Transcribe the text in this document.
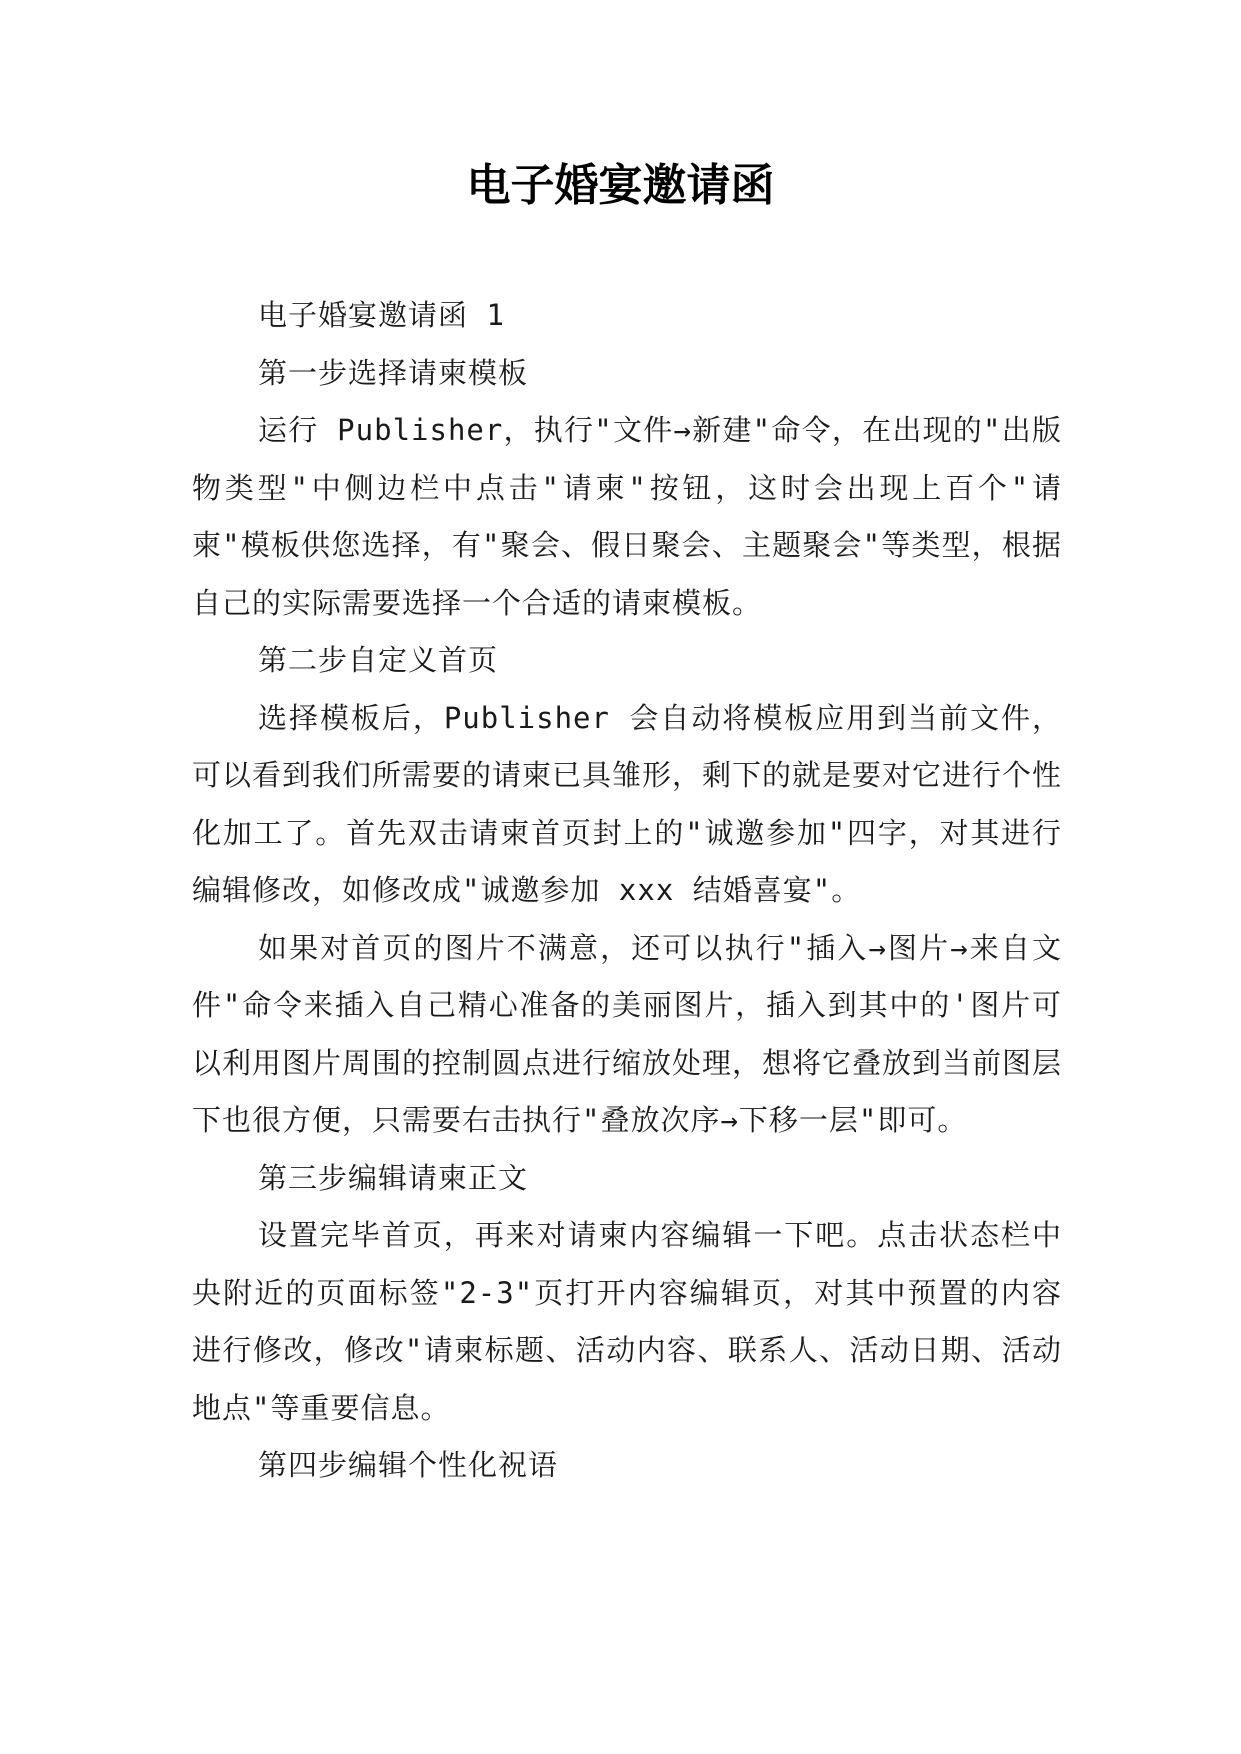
电子婚宴邀请函

电子婚宴邀请函 1

第一步选择请柬模板

运行 Publisher，执行"文件→新建"命令，在出现的"出版物类型"中侧边栏中点击"请柬"按钮，这时会出现上百个"请柬"模板供您选择，有"聚会、假日聚会、主题聚会"等类型，根据自己的实际需要选择一个合适的请柬模板。

第二步自定义首页

选择模板后，Publisher 会自动将模板应用到当前文件，可以看到我们所需要的请柬已具雏形，剩下的就是要对它进行个性化加工了。首先双击请柬首页封上的"诚邀参加"四字，对其进行编辑修改，如修改成"诚邀参加 xxx 结婚喜宴"。

如果对首页的图片不满意，还可以执行"插入→图片→来自文件"命令来插入自己精心准备的美丽图片，插入到其中的'图片可以利用图片周围的控制圆点进行缩放处理，想将它叠放到当前图层下也很方便，只需要右击执行"叠放次序→下移一层"即可。

第三步编辑请柬正文

设置完毕首页，再来对请柬内容编辑一下吧。点击状态栏中央附近的页面标签"2-3"页打开内容编辑页，对其中预置的内容进行修改，修改"请柬标题、活动内容、联系人、活动日期、活动地点"等重要信息。

第四步编辑个性化祝语
